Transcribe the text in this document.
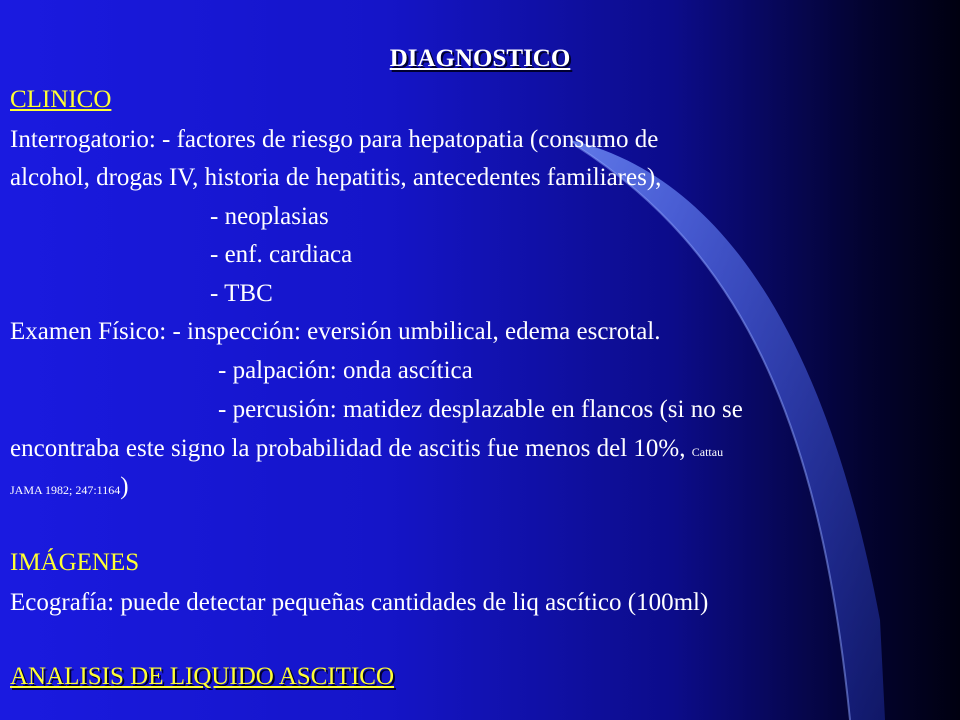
DIAGNOSTICO
CLINICO
Interrogatorio: - factores de riesgo para hepatopatia (consumo de
alcohol, drogas IV, historia de hepatitis, antecedentes familiares),
- neoplasias
- enf. cardiaca
- TBC
Examen Físico: - inspección: eversión umbilical, edema escrotal.
- palpación: onda ascítica
- percusión: matidez desplazable en flancos (si no se
encontraba este signo la probabilidad de ascitis fue menos del 10%, Cattau
JAMA 1982; 247:1164)
IMÁGENES
Ecografía: puede detectar pequeñas cantidades de liq ascítico (100ml)
ANALISIS DE LIQUIDO ASCITICO
